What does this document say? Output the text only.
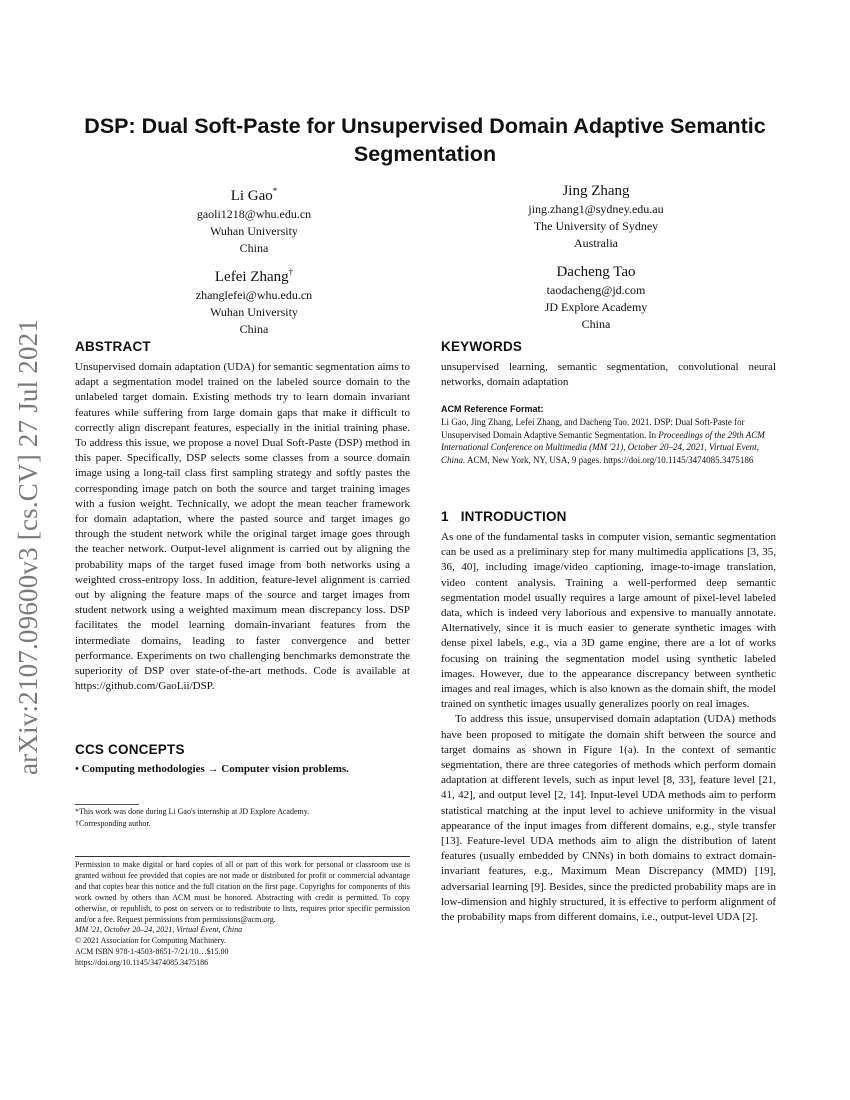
arXiv:2107.09600v3 [cs.CV] 27 Jul 2021
DSP: Dual Soft-Paste for Unsupervised Domain Adaptive Semantic Segmentation
Li Gao*
gaoli1218@whu.edu.cn
Wuhan University
China
Jing Zhang
jing.zhang1@sydney.edu.au
The University of Sydney
Australia
Lefei Zhang†
zhanglefei@whu.edu.cn
Wuhan University
China
Dacheng Tao
taodacheng@jd.com
JD Explore Academy
China
ABSTRACT

Unsupervised domain adaptation (UDA) for semantic segmentation aims to adapt a segmentation model trained on the labeled source domain to the unlabeled target domain. Existing methods try to learn domain invariant features while suffering from large domain gaps that make it difficult to correctly align discrepant features, especially in the initial training phase. To address this issue, we propose a novel Dual Soft-Paste (DSP) method in this paper. Specifically, DSP selects some classes from a source domain image using a long-tail class first sampling strategy and softly pastes the corresponding image patch on both the source and target training images with a fusion weight. Technically, we adopt the mean teacher framework for domain adaptation, where the pasted source and target images go through the student network while the original target image goes through the teacher network. Output-level alignment is carried out by aligning the probability maps of the target fused image from both networks using a weighted cross-entropy loss. In addition, feature-level alignment is carried out by aligning the feature maps of the source and target images from student network using a weighted maximum mean discrepancy loss. DSP facilitates the model learning domain-invariant features from the intermediate domains, leading to faster convergence and better performance. Experiments on two challenging benchmarks demonstrate the superiority of DSP over state-of-the-art methods. Code is available at https://github.com/GaoLii/DSP.

CCS CONCEPTS

• Computing methodologies → Computer vision problems.

*This work was done during Li Gao's internship at JD Explore Academy.
†Corresponding author.

Permission to make digital or hard copies of all or part of this work for personal or classroom use is granted without fee provided that copies are not made or distributed for profit or commercial advantage and that copies bear this notice and the full citation on the first page. Copyrights for components of this work owned by others than ACM must be honored. Abstracting with credit is permitted. To copy otherwise, or republish, to post on servers or to redistribute to lists, requires prior specific permission and/or a fee. Request permissions from permissions@acm.org.

MM '21, October 20–24, 2021, Virtual Event, China
© 2021 Association for Computing Machinery.
ACM ISBN 978-1-4503-8651-7/21/10…$15.00
https://doi.org/10.1145/3474085.3475186
KEYWORDS

unsupervised learning, semantic segmentation, convolutional neural networks, domain adaptation

ACM Reference Format:

Li Gao, Jing Zhang, Lefei Zhang, and Dacheng Tao. 2021. DSP: Dual Soft-Paste for Unsupervised Domain Adaptive Semantic Segmentation. In Proceedings of the 29th ACM International Conference on Multimedia (MM '21), October 20–24, 2021, Virtual Event, China. ACM, New York, NY, USA, 9 pages. https://doi.org/10.1145/3474085.3475186

1 INTRODUCTION

As one of the fundamental tasks in computer vision, semantic segmentation can be used as a preliminary step for many multimedia applications [3, 35, 36, 40], including image/video captioning, image-to-image translation, video content analysis. Training a well-performed deep semantic segmentation model usually requires a large amount of pixel-level labeled data, which is indeed very laborious and expensive to manually annotate. Alternatively, since it is much easier to generate synthetic images with dense pixel labels, e.g., via a 3D game engine, there are a lot of works focusing on training the segmentation model using synthetic labeled images. However, due to the appearance discrepancy between synthetic images and real images, which is also known as the domain shift, the model trained on synthetic images usually generalizes poorly on real images.

To address this issue, unsupervised domain adaptation (UDA) methods have been proposed to mitigate the domain shift between the source and target domains as shown in Figure 1(a). In the context of semantic segmentation, there are three categories of methods which perform domain adaptation at different levels, such as input level [8, 33], feature level [21, 41, 42], and output level [2, 14]. Input-level UDA methods aim to perform statistical matching at the input level to achieve uniformity in the visual appearance of the input images from different domains, e.g., style transfer [13]. Feature-level UDA methods aim to align the distribution of latent features (usually embedded by CNNs) in both domains to extract domain-invariant features, e.g., Maximum Mean Discrepancy (MMD) [19], adversarial learning [9]. Besides, since the predicted probability maps are in low-dimension and highly structured, it is effective to perform alignment of the probability maps from different domains, i.e., output-level UDA [2].
